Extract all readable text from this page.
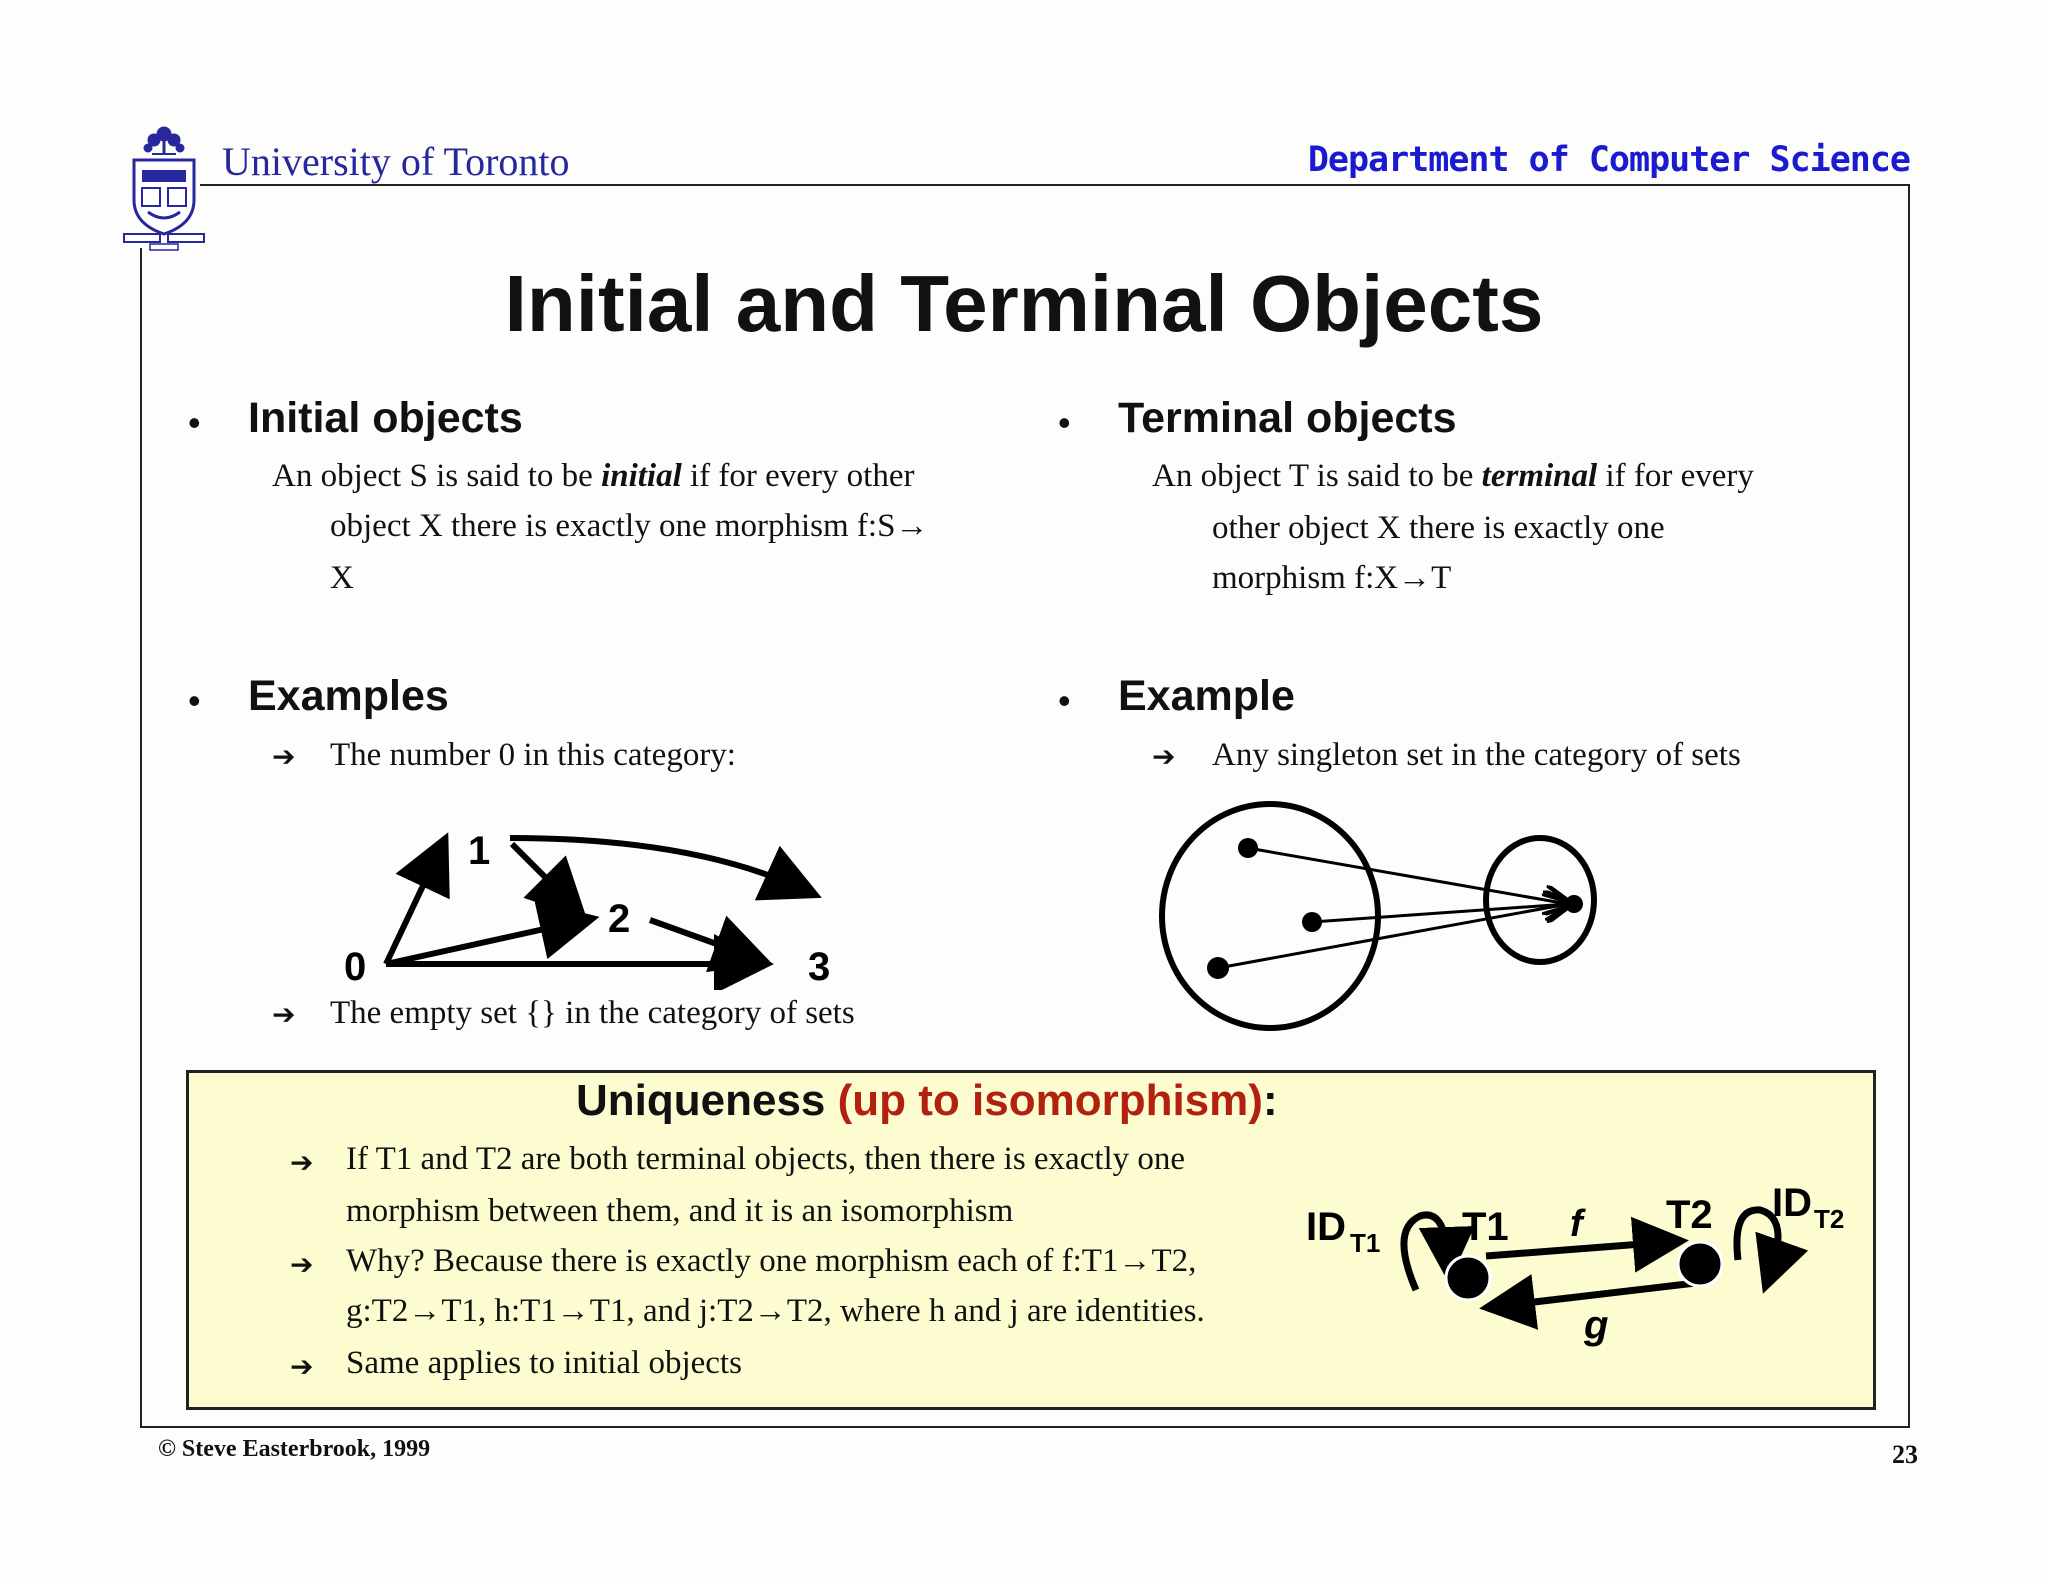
University of Toronto	Department of Computer Science
Initial and Terminal Objects
• Initial objects
An object S is said to be initial if for every other
object X there is exactly one morphism f:S→
X
• Examples
➔ The number 0 in this category:
0
1
2
3
➔ The empty set {} in the category of sets
• Terminal objects
An object T is said to be terminal if for every
other object X there is exactly one
morphism f:X→T
• Example
➔ Any singleton set in the category of sets
Uniqueness (up to isomorphism):
➔ If T1 and T2 are both terminal objects, then there is exactly one
morphism between them, and it is an isomorphism
➔ Why? Because there is exactly one morphism each of f:T1→T2,
g:T2→T1, h:T1→T1, and j:T2→T2, where h and j are identities.
➔ Same applies to initial objects
ID T1 T1 f T2 ID T2
g
© Steve Easterbrook, 1999	23
